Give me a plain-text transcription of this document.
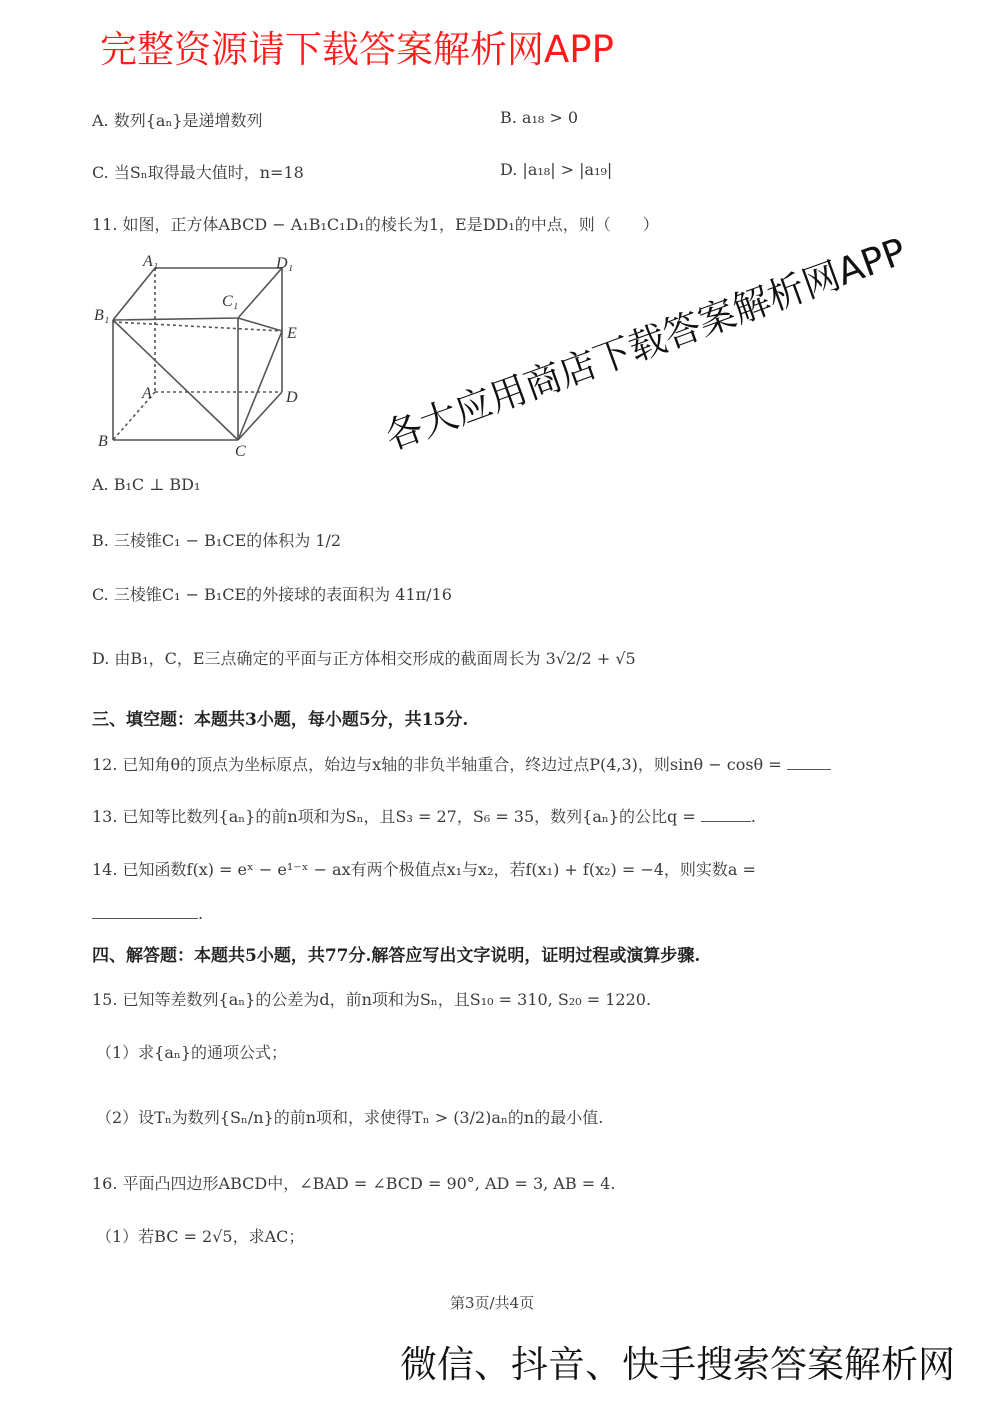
完整资源请下载答案解析网APP
A. 数列{aₙ}是递增数列	B. a₁₈ > 0
C. 当Sₙ取得最大值时，n=18	D. |a₁₈| > |a₁₉|
11. 如图，正方体ABCD − A₁B₁C₁D₁的棱长为1，E是DD₁的中点，则（　　）
A₁	D₁
C₁
B₁
E
A	D
B
C	各大应用商店下载答案解析网APP
A. B₁C ⊥ BD₁
B. 三棱锥C₁ − B₁CE的体积为 1/2
C. 三棱锥C₁ − B₁CE的外接球的表面积为 41π/16
D. 由B₁，C，E三点确定的平面与正方体相交形成的截面周长为 3√2/2 + √5
三、填空题：本题共3小题，每小题5分，共15分.
12. 已知角θ的顶点为坐标原点，始边与x轴的非负半轴重合，终边过点P(4,3)，则sinθ − cosθ =
13. 已知等比数列{aₙ}的前n项和为Sₙ，且S₃ = 27，S₆ = 35，数列{aₙ}的公比q =	.
14. 已知函数f(x) = eˣ − e¹⁻ˣ − ax有两个极值点x₁与x₂，若f(x₁) + f(x₂) = −4，则实数a =
.
四、解答题：本题共5小题，共77分.解答应写出文字说明，证明过程或演算步骤.
15. 已知等差数列{aₙ}的公差为d，前n项和为Sₙ，且S₁₀ = 310, S₂₀ = 1220.
（1）求{aₙ}的通项公式；
（2）设Tₙ为数列{Sₙ/n}的前n项和，求使得Tₙ > (3/2)aₙ的n的最小值.
16. 平面凸四边形ABCD中，∠BAD = ∠BCD = 90°, AD = 3, AB = 4.
（1）若BC = 2√5，求AC；
第3页/共4页
微信、抖音、快手搜索答案解析网
